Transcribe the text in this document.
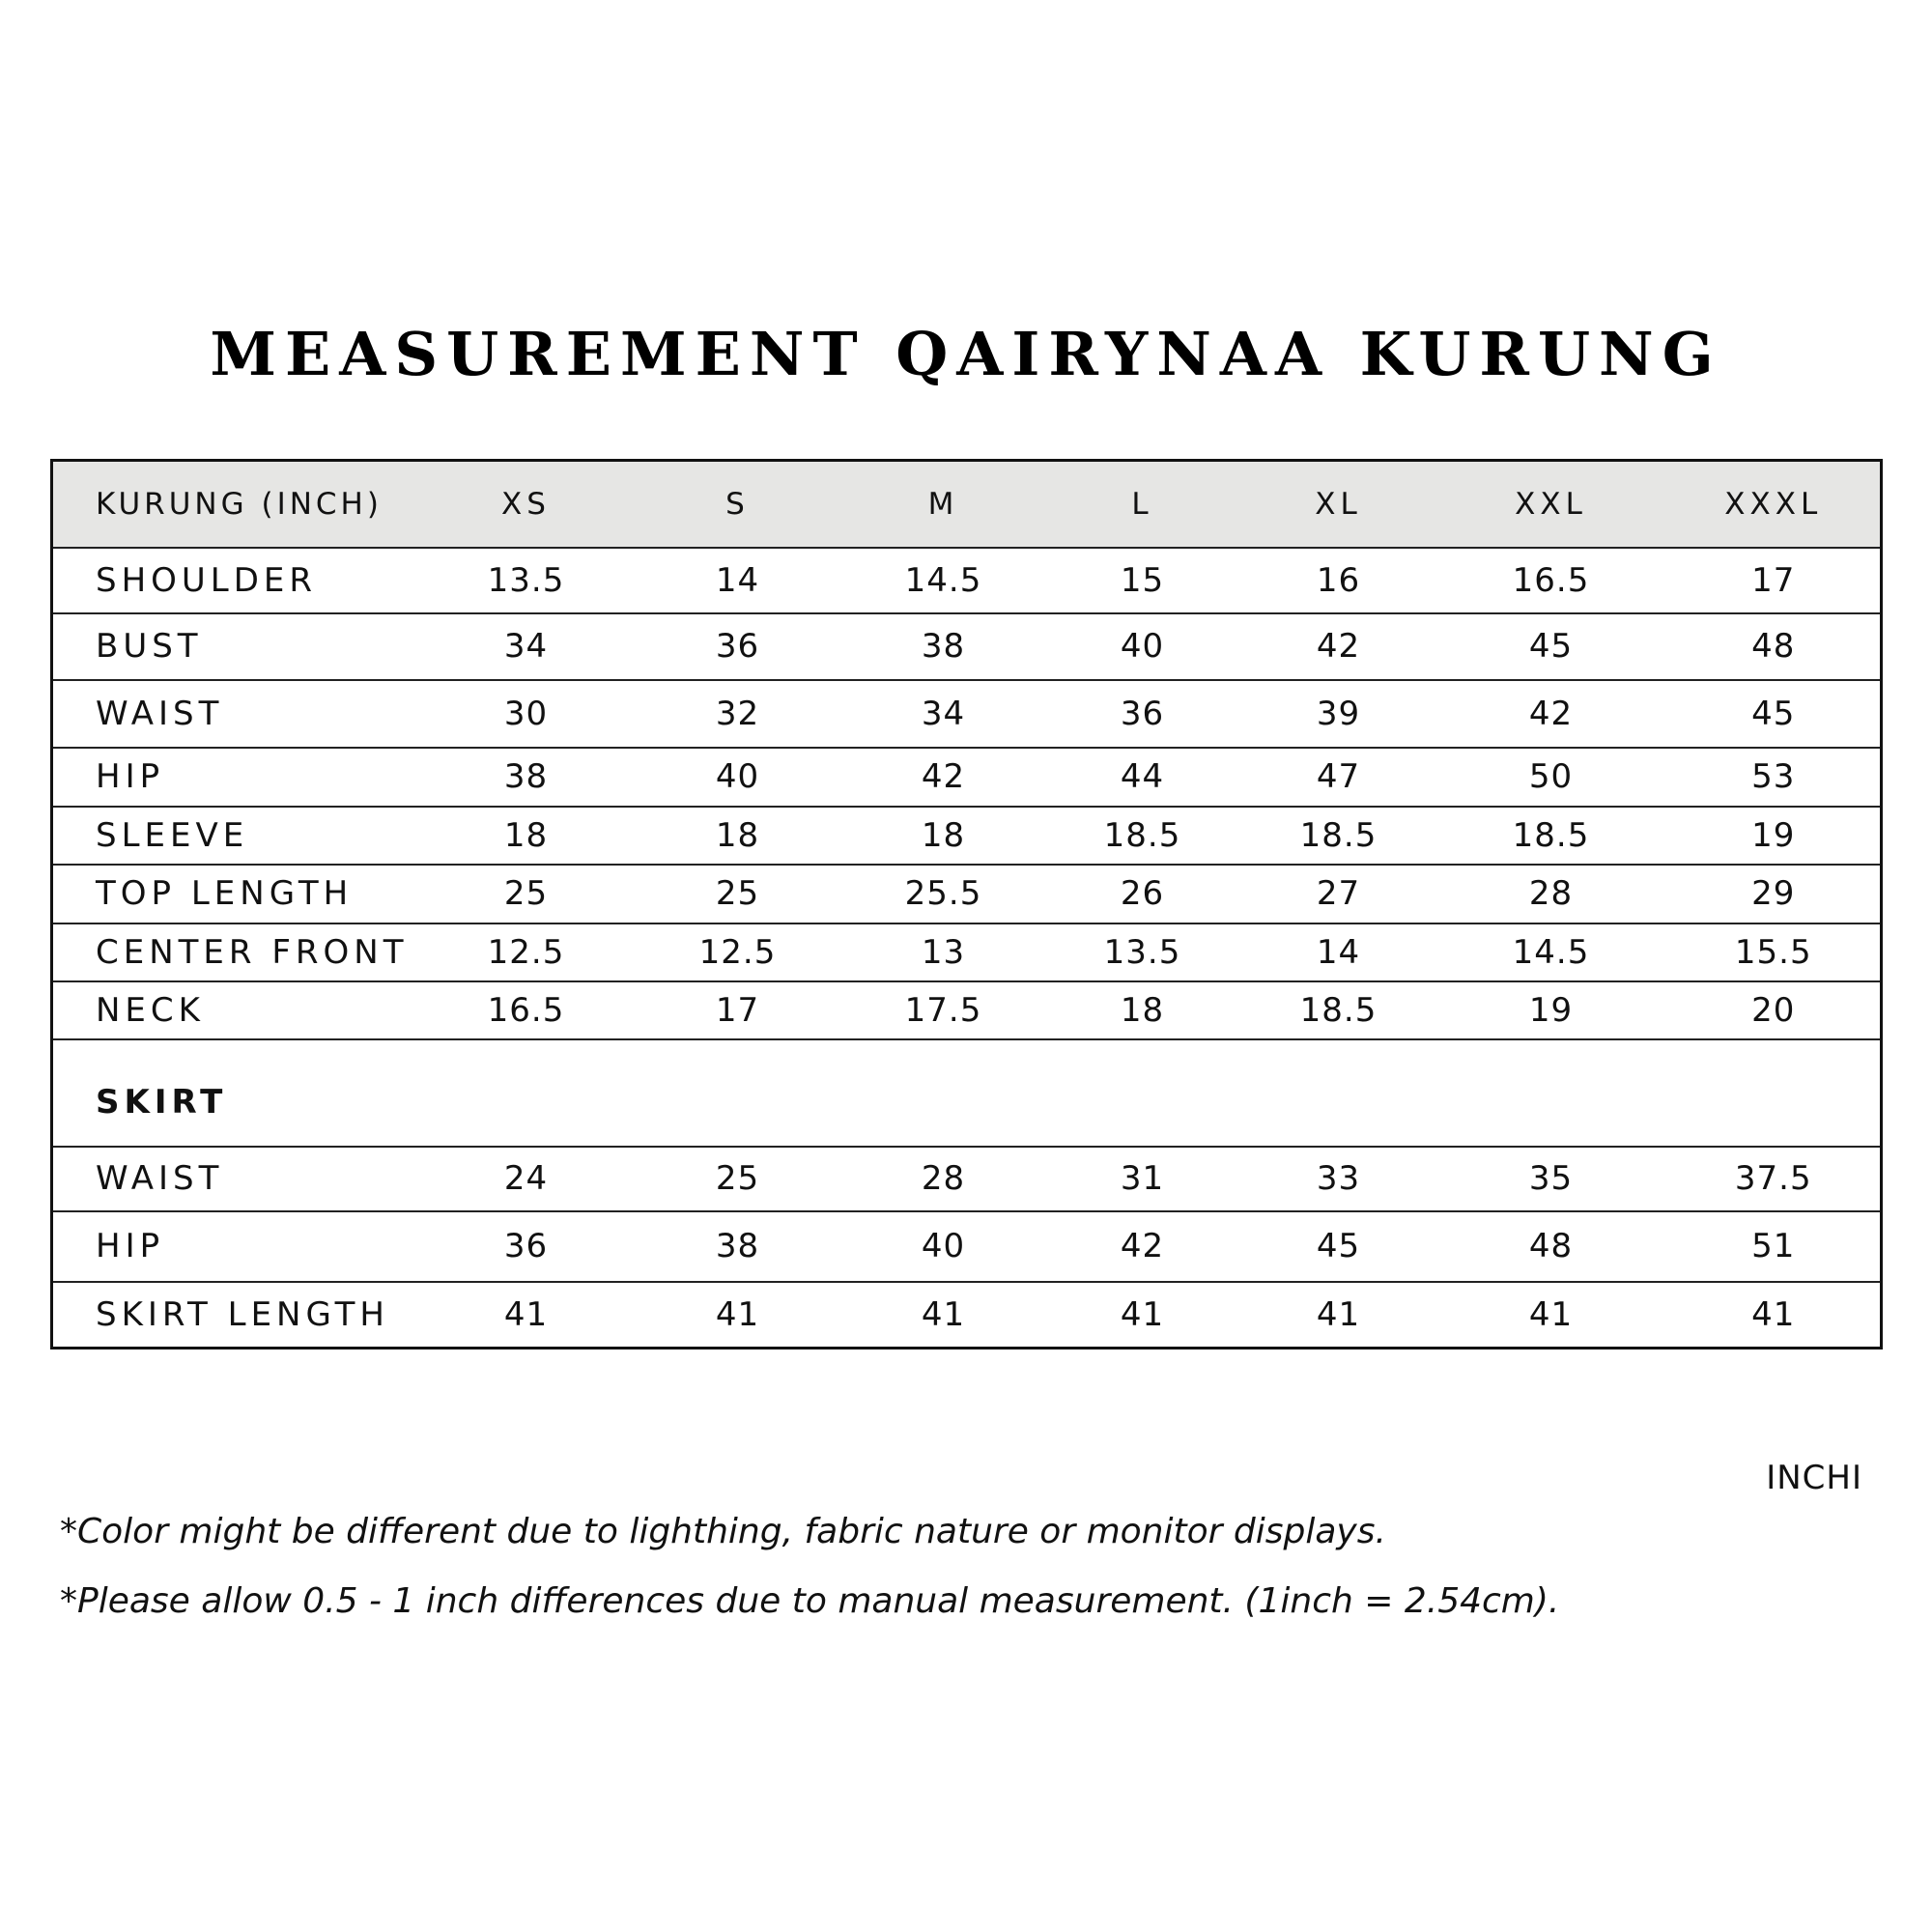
MEASUREMENT QAIRYNAA KURUNG
KURUNG (INCH)	XS	S	M	L	XL	XXL	XXXL
SHOULDER	13.5	14	14.5	15	16	16.5	17
BUST	34	36	38	40	42	45	48
WAIST	30	32	34	36	39	42	45
HIP	38	40	42	44	47	50	53
SLEEVE	18	18	18	18.5	18.5	18.5	19
TOP LENGTH	25	25	25.5	26	27	28	29
CENTER FRONT	12.5	12.5	13	13.5	14	14.5	15.5
NECK	16.5	17	17.5	18	18.5	19	20
SKIRT							
WAIST	24	25	28	31	33	35	37.5
HIP	36	38	40	42	45	48	51
SKIRT LENGTH	41	41	41	41	41	41	41
INCHI
*Color might be different due to lighthing, fabric nature or monitor displays.
*Please allow 0.5 - 1 inch differences due to manual measurement. (1inch = 2.54cm).
